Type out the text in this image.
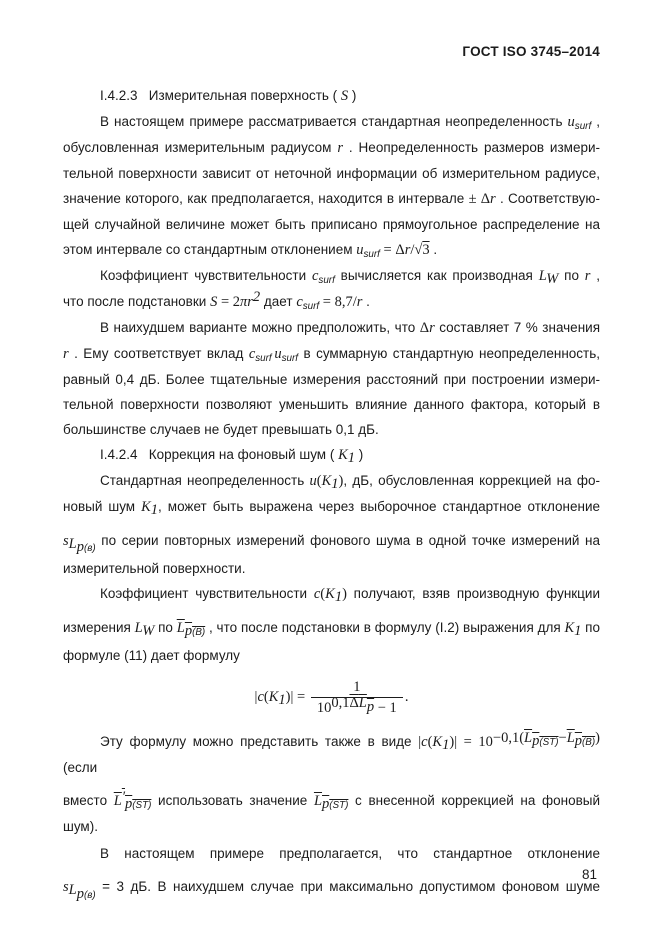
ГОСТ ISO 3745–2014
I.4.2.3   Измерительная поверхность ( S )
В настоящем примере рассматривается стандартная неопределенность $u_{surf}$ ,
обусловленная измерительным радиусом r . Неопределенность размеров измери-
тельной поверхности зависит от неточной информации об измерительном радиусе,
значение которого, как предполагается, находится в интервале ± Δr . Соответствую-
щей случайной величине может быть приписано прямоугольное распределение на
этом интервале со стандартным отклонением $u_{surf} = \Delta r/√3$ .
Коэффициент чувствительности $c_{surf}$ вычисляется как производная $L_W$ по r ,
что после подстановки $S = 2\pi r^2$ дает $c_{surf} = 8,7/r$ .
В наихудшем варианте можно предположить, что Δr составляет 7 % значения
r . Ему соответствует вклад $c_{surf}$  $u_{surf}$ в суммарную стандартную неопределенность,
равный 0,4 дБ. Более тщательные измерения расстояний при построении измери-
тельной поверхности позволяют уменьшить влияние данного фактора, который в
большинстве случаев не будет превышать 0,1 дБ.
I.4.2.4   Коррекция на фоновый шум ( $K_1$ )
Стандартная неопределенность $u(K_1)$, дБ, обусловленная коррекцией на фо-
новый шум $K_1$, может быть выражена через выборочное стандартное отклонение
$s_{L_{p(в)}}$ по серии повторных измерений фонового шума в одной точке измерений на
измерительной поверхности.
Коэффициент чувствительности $c(K_1)$ получают, взяв производную функции
измерения $L_W$ по $L_{p(B)}$ , что после подстановки в формулу (I.2) выражения для $K_1$ по
формуле (11) дает формулу
$|c(K_1)| = \frac{1}{10^{0,1\Delta L_p} - 1}$ .
Эту формулу можно представить также в виде $|c(K_1)| = 10^{-0,1(L_{p(ST)}-L_{p(B)})}$ (если
вместо $L'_{p(ST)}$ использовать значение $L_{p(ST)}$ с внесенной коррекцией на фоновый шум).
В настоящем примере предполагается, что стандартное отклонение
$s_{L_{p(в)}} = 3$ дБ. В наихудшем случае при максимально допустимом фоновом шуме
81
